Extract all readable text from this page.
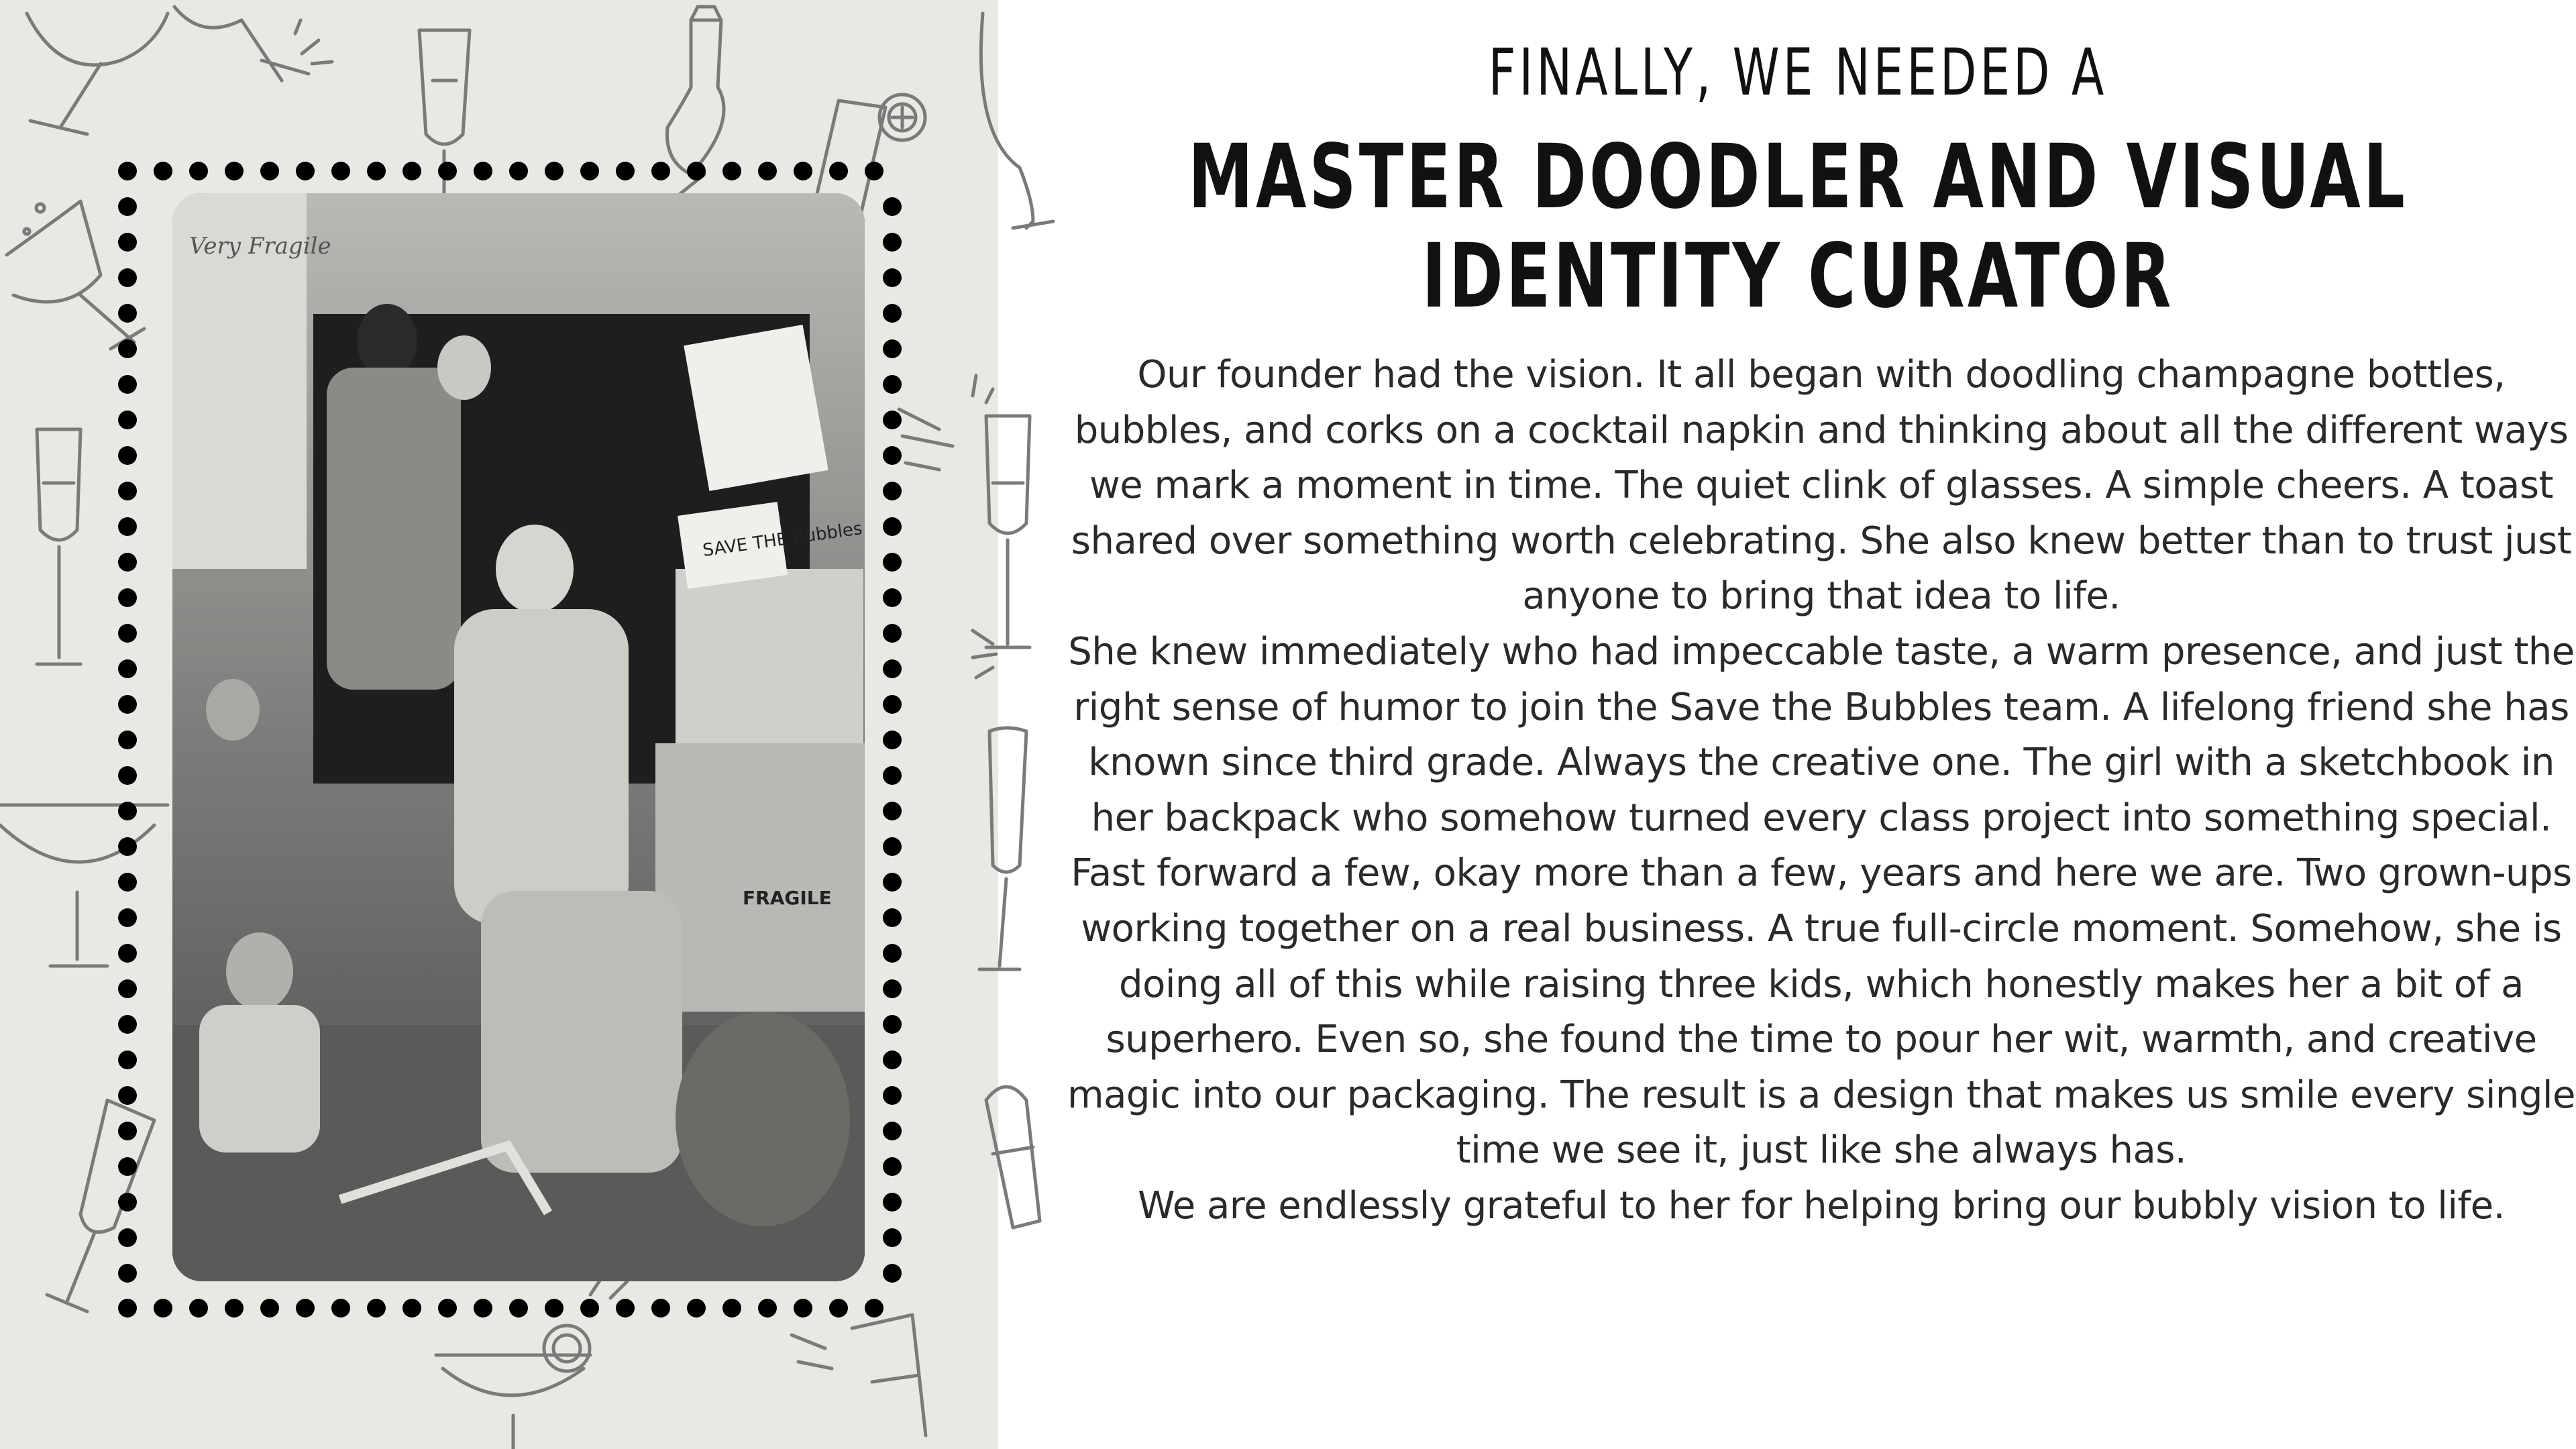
SAVE THE Bubbles
Very Fragile
FRAGILE
FINALLY, WE NEEDED A
MASTER DOODLER AND VISUAL
IDENTITY CURATOR

Our founder had the vision. It all began with doodling champagne bottles, bubbles, and corks on a cocktail napkin and thinking about all the different ways we mark a moment in time. The quiet clink of glasses. A simple cheers. A toast shared over something worth celebrating. She also knew better than to trust just anyone to bring that idea to life.

She knew immediately who had impeccable taste, a warm presence, and just the right sense of humor to join the Save the Bubbles team. A lifelong friend she has known since third grade. Always the creative one. The girl with a sketchbook in her backpack who somehow turned every class project into something special.

Fast forward a few, okay more than a few, years and here we are. Two grown-ups working together on a real business. A true full-circle moment. Somehow, she is doing all of this while raising three kids, which honestly makes her a bit of a superhero. Even so, she found the time to pour her wit, warmth, and creative magic into our packaging. The result is a design that makes us smile every single time we see it, just like she always has.

We are endlessly grateful to her for helping bring our bubbly vision to life.
